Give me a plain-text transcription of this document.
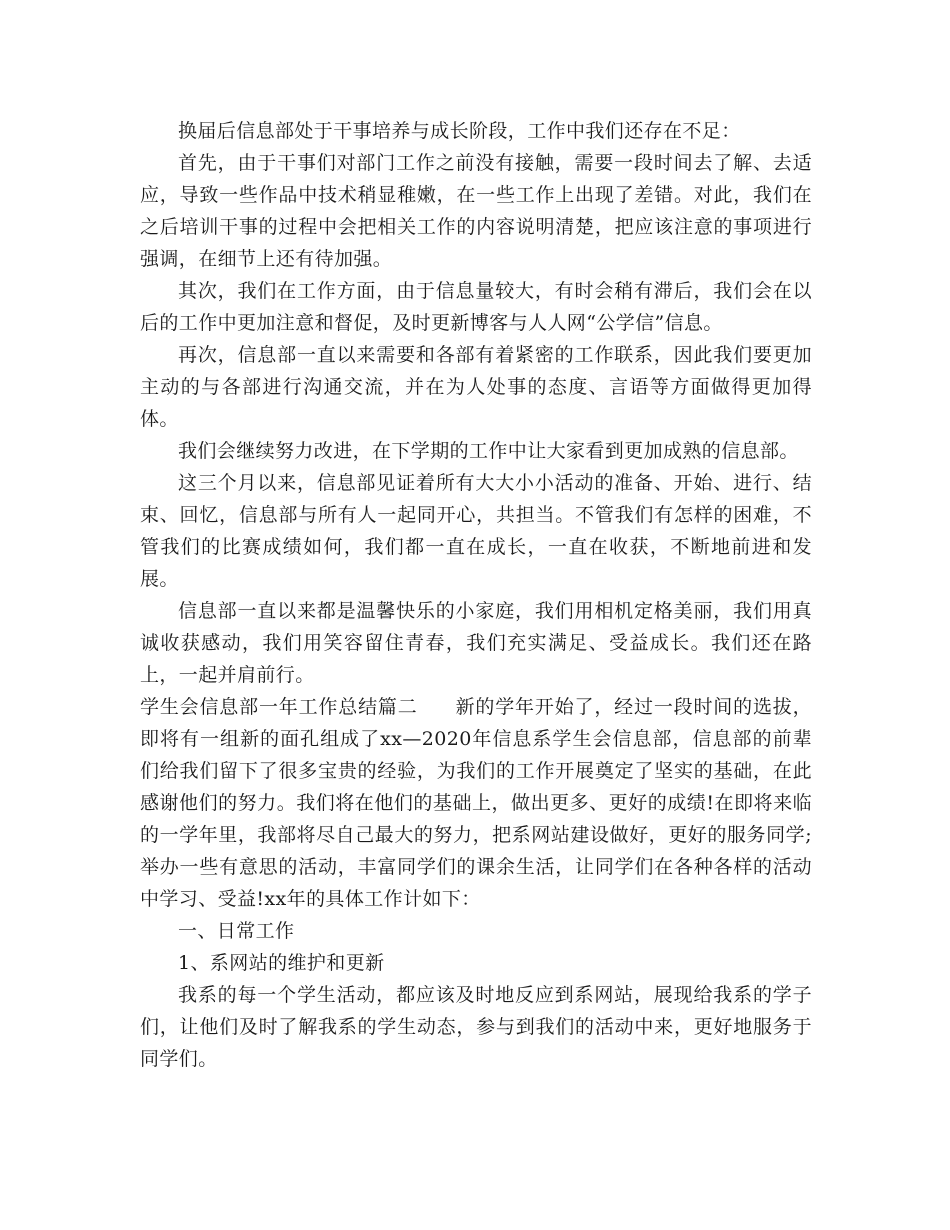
换届后信息部处于干事培养与成长阶段，工作中我们还存在不足：

首先，由于干事们对部门工作之前没有接触，需要一段时间去了解、去适应，导致一些作品中技术稍显稚嫩，在一些工作上出现了差错。对此，我们在之后培训干事的过程中会把相关工作的内容说明清楚，把应该注意的事项进行强调，在细节上还有待加强。

其次，我们在工作方面，由于信息量较大，有时会稍有滞后，我们会在以后的工作中更加注意和督促，及时更新博客与人人网“公学信”信息。

再次，信息部一直以来需要和各部有着紧密的工作联系，因此我们要更加主动的与各部进行沟通交流，并在为人处事的态度、言语等方面做得更加得体。

我们会继续努力改进，在下学期的工作中让大家看到更加成熟的信息部。

这三个月以来，信息部见证着所有大大小小活动的准备、开始、进行、结束、回忆，信息部与所有人一起同开心，共担当。不管我们有怎样的困难，不管我们的比赛成绩如何，我们都一直在成长，一直在收获，不断地前进和发展。

信息部一直以来都是温馨快乐的小家庭，我们用相机定格美丽，我们用真诚收获感动，我们用笑容留住青春，我们充实满足、受益成长。我们还在路上，一起并肩前行。

学生会信息部一年工作总结篇二 新的学年开始了，经过一段时间的选拔，即将有一组新的面孔组成了xx—2020年信息系学生会信息部，信息部的前辈们给我们留下了很多宝贵的经验，为我们的工作开展奠定了坚实的基础，在此感谢他们的努力。我们将在他们的基础上，做出更多、更好的成绩!在即将来临的一学年里，我部将尽自己最大的努力，把系网站建设做好，更好的服务同学;举办一些有意思的活动，丰富同学们的课余生活，让同学们在各种各样的活动中学习、受益!xx年的具体工作计如下：

一、日常工作

1、系网站的维护和更新

我系的每一个学生活动，都应该及时地反应到系网站，展现给我系的学子们，让他们及时了解我系的学生动态，参与到我们的活动中来，更好地服务于同学们。
